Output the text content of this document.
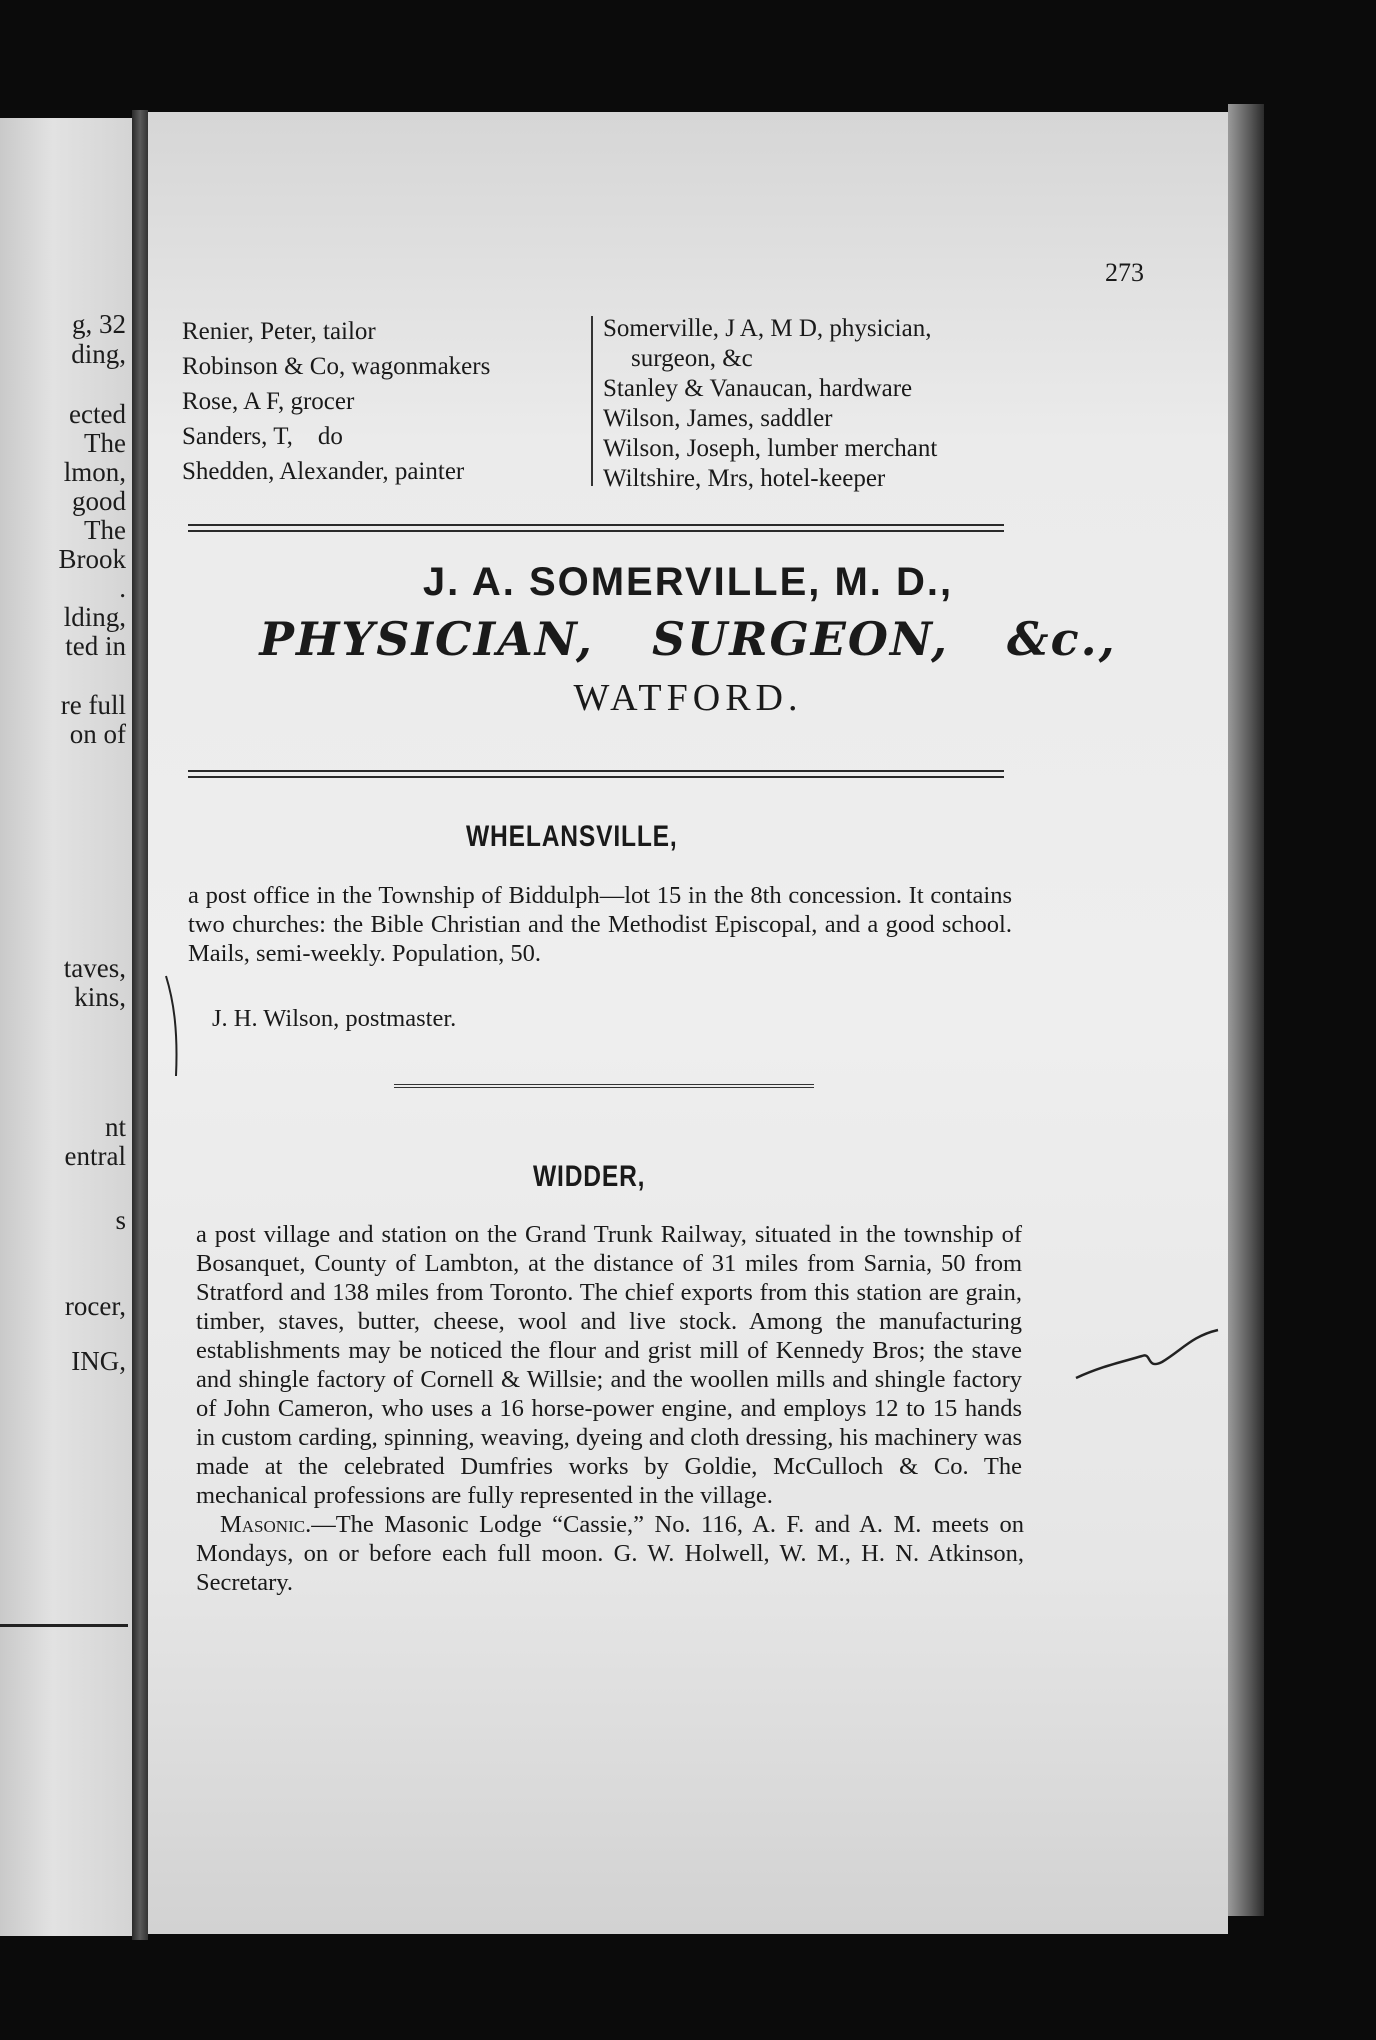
g, 32
ding,
ected
The
lmon,
good
The
Brook
.
lding,
ted in
re full
on of
taves,
kins,
nt
entral
s
rocer,
ING,
273
Renier, Peter, tailor
Robinson & Co, wagonmakers
Rose, A F, grocer
Sanders, T,    do
Shedden, Alexander, painter
Somerville, J A, M D, physician,
surgeon, &c
Stanley & Vanaucan, hardware
Wilson, James, saddler
Wilson, Joseph, lumber merchant
Wiltshire, Mrs, hotel-keeper
J. A. SOMERVILLE, M. D.,
PHYSICIAN, SURGEON, &c.,
WATFORD.
WHELANSVILLE,
a post office in the Township of Biddulph—lot 15 in the 8th concession. It contains two churches: the Bible Christian and the Methodist Episcopal, and a good school. Mails, semi-weekly. Population, 50.
J. H. Wilson, postmaster.
WIDDER,
a post village and station on the Grand Trunk Railway, situated in the township of Bosanquet, County of Lambton, at the distance of 31 miles from Sarnia, 50 from Stratford and 138 miles from Toronto. The chief exports from this station are grain, timber, staves, butter, cheese, wool and live stock. Among the manufacturing establishments may be noticed the flour and grist mill of Kennedy Bros; the stave and shingle factory of Cornell & Willsie; and the woollen mills and shingle factory of John Cameron, who uses a 16 horse-power engine, and employs 12 to 15 hands in custom carding, spinning, weaving, dyeing and cloth dressing, his machinery was made at the celebrated Dumfries works by Goldie, McCulloch & Co. The mechanical professions are fully represented in the village.
Masonic.—The Masonic Lodge “Cassie,” No. 116, A. F. and A. M. meets on Mondays, on or before each full moon. G. W. Holwell, W. M., H. N. Atkinson, Secretary.
